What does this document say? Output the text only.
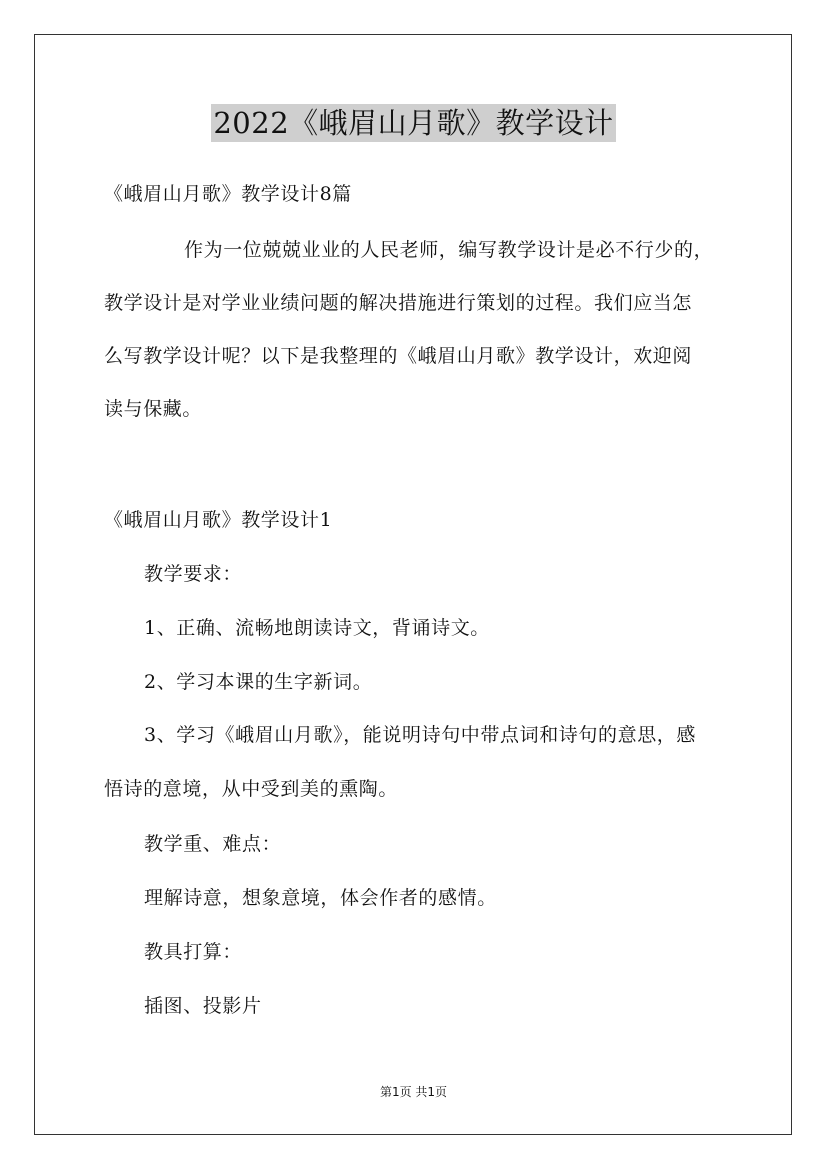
2022《峨眉山月歌》教学设计
《峨眉山月歌》教学设计8篇
作为一位兢兢业业的人民老师，编写教学设计是必不行少的，
教学设计是对学业业绩问题的解决措施进行策划的过程。我们应当怎
么写教学设计呢？以下是我整理的《峨眉山月歌》教学设计，欢迎阅
读与保藏。
《峨眉山月歌》教学设计1
教学要求：
1、正确、流畅地朗读诗文，背诵诗文。
2、学习本课的生字新词。
3、学习《峨眉山月歌》，能说明诗句中带点词和诗句的意思，感
悟诗的意境，从中受到美的熏陶。
教学重、难点：
理解诗意，想象意境，体会作者的感情。
教具打算：
插图、投影片
第1页 共1页
